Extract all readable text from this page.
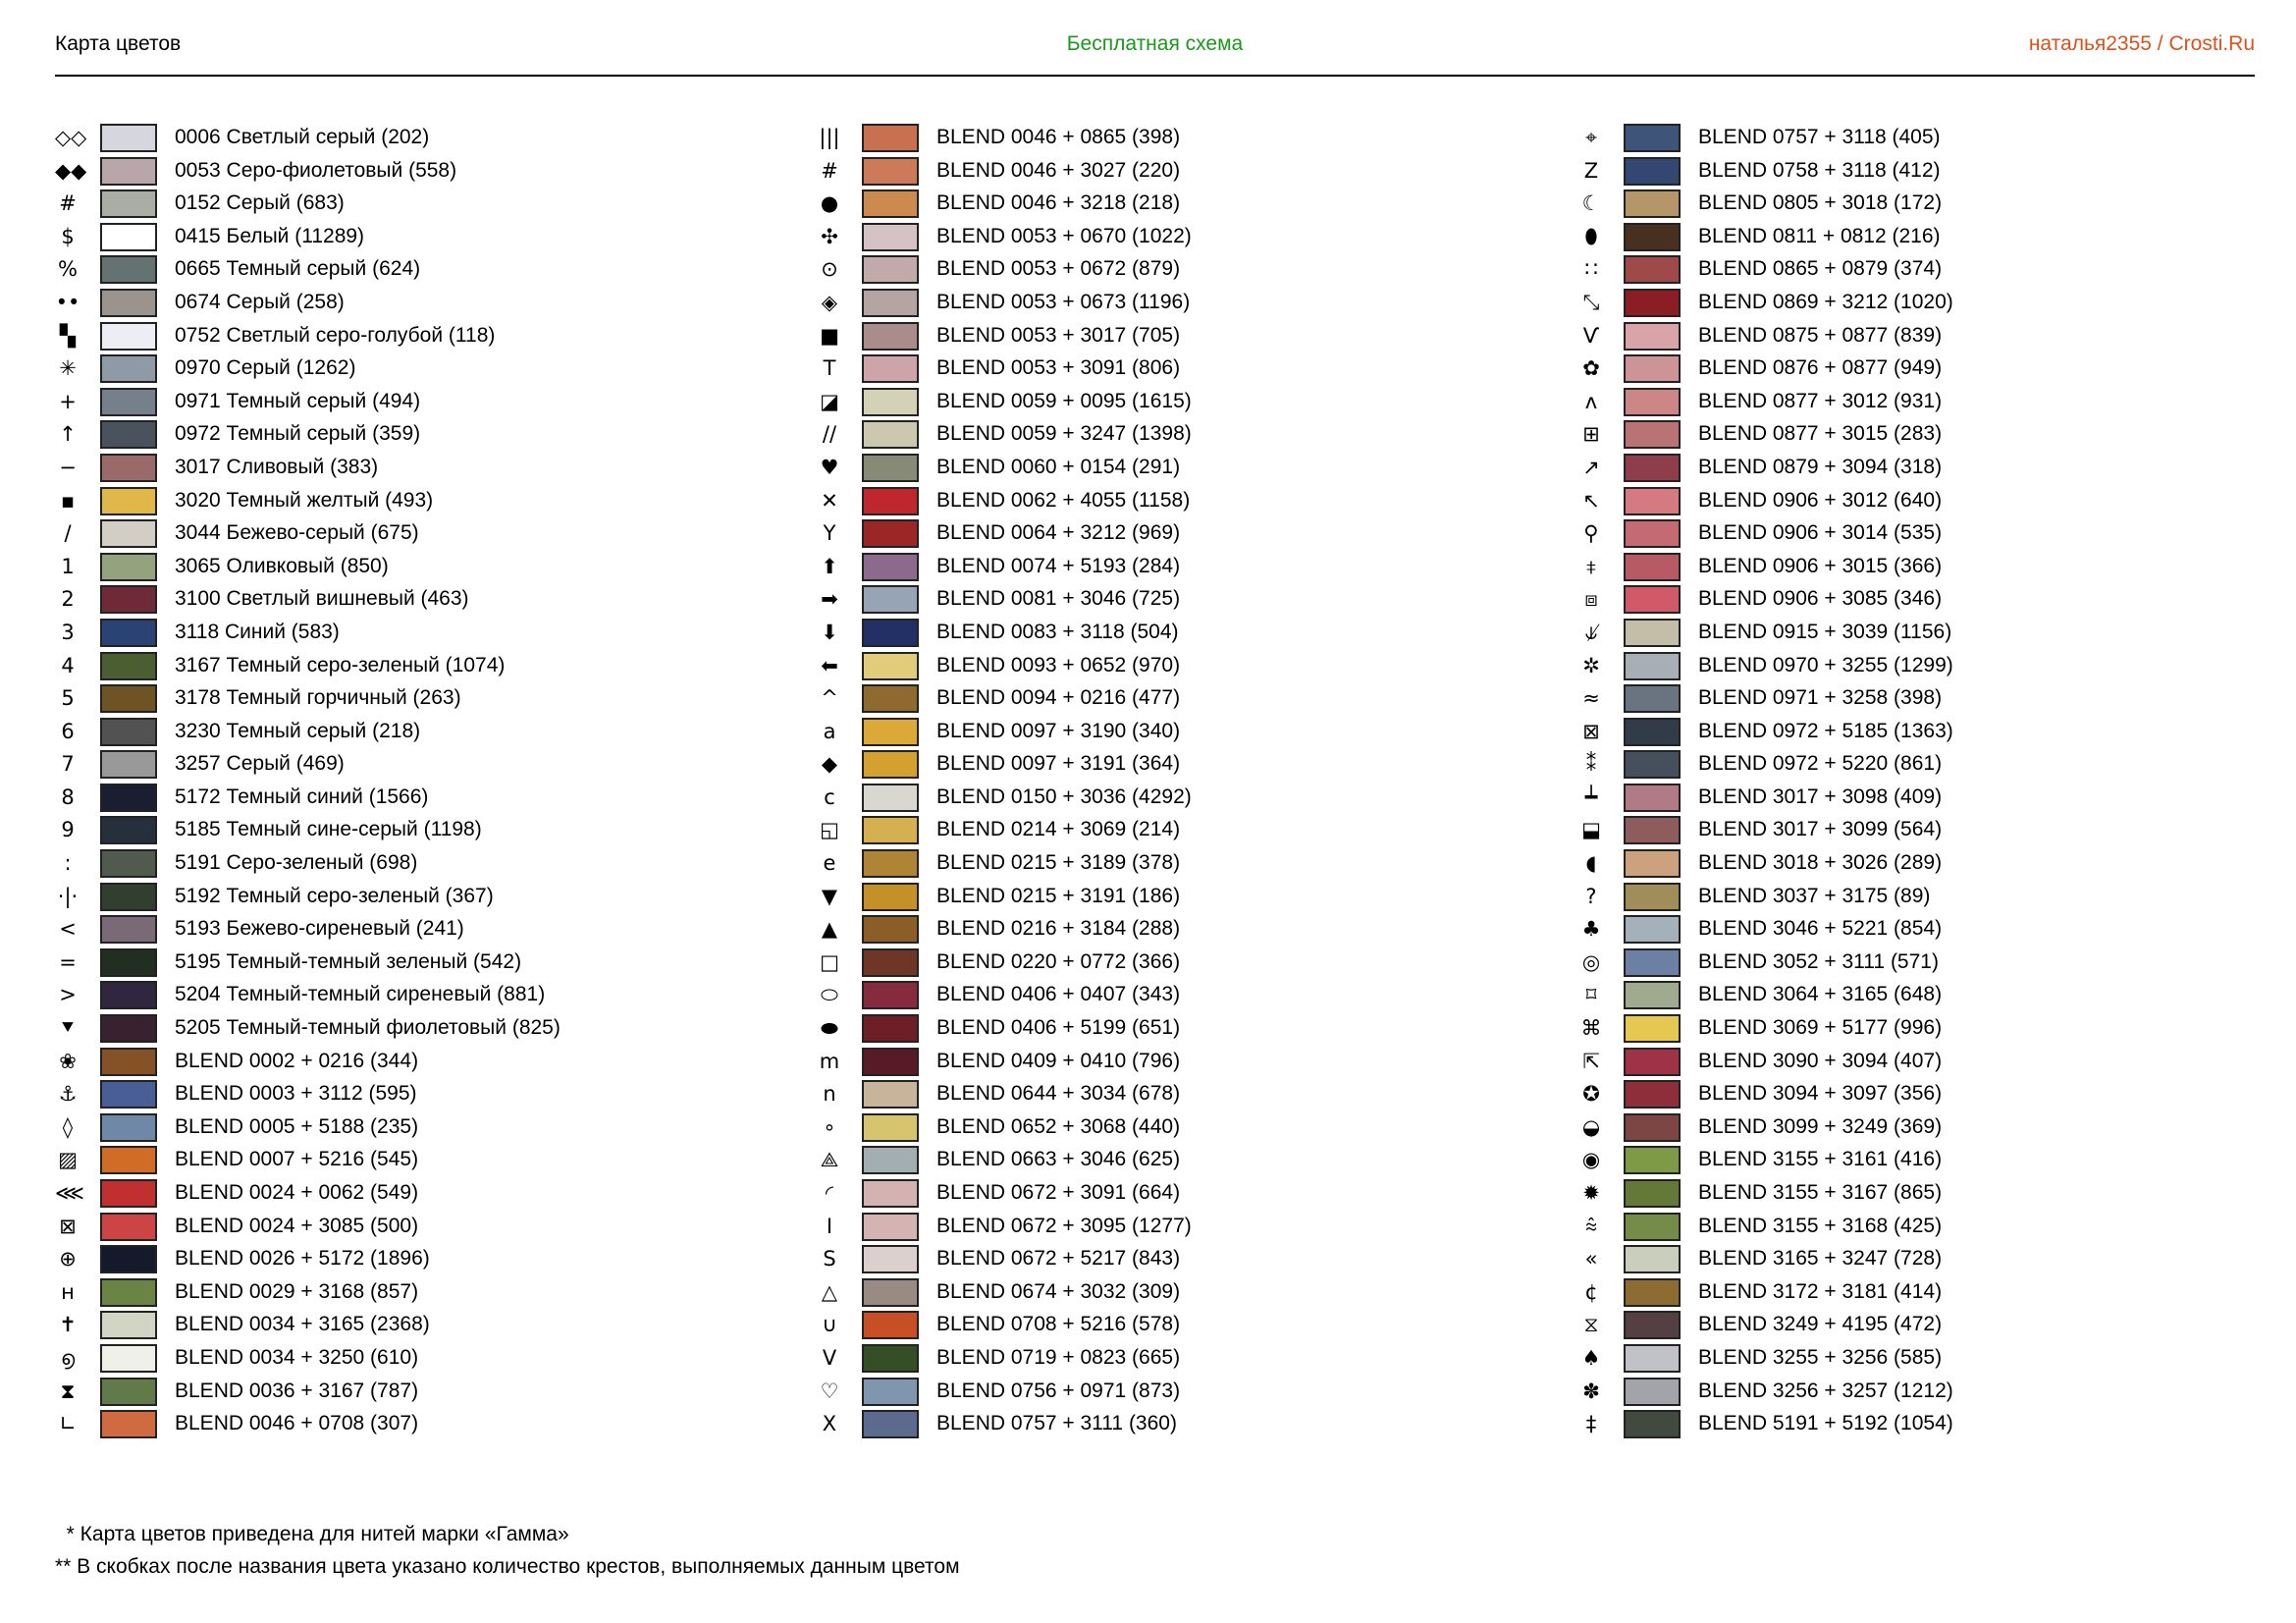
Карта цветов	Бесплатная схема	наталья2355 / Crosti.Ru
◇◇	0006 Светлый серый (202)
◆◆	0053 Серо-фиолетовый (558)
#	0152 Серый (683)
$	0415 Белый (11289)
%	0665 Темный серый (624)
••	0674 Серый (258)
▚	0752 Светлый серо-голубой (118)
✳	0970 Серый (1262)
+	0971 Темный серый (494)
↑	0972 Темный серый (359)
−	3017 Сливовый (383)
▪	3020 Темный желтый (493)
/	3044 Бежево-серый (675)
1	3065 Оливковый (850)
2	3100 Светлый вишневый (463)
3	3118 Синий (583)
4	3167 Темный серо-зеленый (1074)
5	3178 Темный горчичный (263)
6	3230 Темный серый (218)
7	3257 Серый (469)
8	5172 Темный синий (1566)
9	5185 Темный сине-серый (1198)
:	5191 Серо-зеленый (698)
·|·	5192 Темный серо-зеленый (367)
<	5193 Бежево-сиреневый (241)
=	5195 Темный-темный зеленый (542)
>	5204 Темный-темный сиреневый (881)
⯆	5205 Темный-темный фиолетовый (825)
❀	BLEND 0002 + 0216 (344)
⚓	BLEND 0003 + 3112 (595)
◊	BLEND 0005 + 5188 (235)
▨	BLEND 0007 + 5216 (545)
⋘	BLEND 0024 + 0062 (549)
⊠	BLEND 0024 + 3085 (500)
⊕	BLEND 0026 + 5172 (1896)
н	BLEND 0029 + 3168 (857)
✝	BLEND 0034 + 3165 (2368)
൭	BLEND 0034 + 3250 (610)
⧗	BLEND 0036 + 3167 (787)
∟	BLEND 0046 + 0708 (307)
|||	BLEND 0046 + 0865 (398)
#	BLEND 0046 + 3027 (220)
●	BLEND 0046 + 3218 (218)
✣	BLEND 0053 + 0670 (1022)
⊙	BLEND 0053 + 0672 (879)
◈	BLEND 0053 + 0673 (1196)
■	BLEND 0053 + 3017 (705)
T	BLEND 0053 + 3091 (806)
◪	BLEND 0059 + 0095 (1615)
//	BLEND 0059 + 3247 (1398)
♥	BLEND 0060 + 0154 (291)
✕	BLEND 0062 + 4055 (1158)
Y	BLEND 0064 + 3212 (969)
⬆	BLEND 0074 + 5193 (284)
➡	BLEND 0081 + 3046 (725)
⬇	BLEND 0083 + 3118 (504)
⬅	BLEND 0093 + 0652 (970)
^	BLEND 0094 + 0216 (477)
a	BLEND 0097 + 3190 (340)
◆	BLEND 0097 + 3191 (364)
c	BLEND 0150 + 3036 (4292)
◱	BLEND 0214 + 3069 (214)
e	BLEND 0215 + 3189 (378)
▼	BLEND 0215 + 3191 (186)
▲	BLEND 0216 + 3184 (288)
□	BLEND 0220 + 0772 (366)
⬭	BLEND 0406 + 0407 (343)
⬬	BLEND 0406 + 5199 (651)
m	BLEND 0409 + 0410 (796)
n	BLEND 0644 + 3034 (678)
∘	BLEND 0652 + 3068 (440)
⟁	BLEND 0663 + 3046 (625)
◜	BLEND 0672 + 3091 (664)
I	BLEND 0672 + 3095 (1277)
S	BLEND 0672 + 5217 (843)
△	BLEND 0674 + 3032 (309)
∪	BLEND 0708 + 5216 (578)
V	BLEND 0719 + 0823 (665)
♡	BLEND 0756 + 0971 (873)
X	BLEND 0757 + 3111 (360)
⌖	BLEND 0757 + 3118 (405)
Z	BLEND 0758 + 3118 (412)
☾	BLEND 0805 + 3018 (172)
⬮	BLEND 0811 + 0812 (216)
∷	BLEND 0865 + 0879 (374)
⤡	BLEND 0869 + 3212 (1020)
Ѵ	BLEND 0875 + 0877 (839)
✿	BLEND 0876 + 0877 (949)
ʌ	BLEND 0877 + 3012 (931)
⊞	BLEND 0877 + 3015 (283)
↗	BLEND 0879 + 3094 (318)
↖	BLEND 0906 + 3012 (640)
⚲	BLEND 0906 + 3014 (535)
⧧	BLEND 0906 + 3015 (366)
⧈	BLEND 0906 + 3085 (346)
⫝̸	BLEND 0915 + 3039 (1156)
✲	BLEND 0970 + 3255 (1299)
≈	BLEND 0971 + 3258 (398)
⊠	BLEND 0972 + 5185 (1363)
⁑	BLEND 0972 + 5220 (861)
┷	BLEND 3017 + 3098 (409)
⬓	BLEND 3017 + 3099 (564)
◖	BLEND 3018 + 3026 (289)
?	BLEND 3037 + 3175 (89)
♣	BLEND 3046 + 5221 (854)
◎	BLEND 3052 + 3111 (571)
⌑	BLEND 3064 + 3165 (648)
⌘	BLEND 3069 + 5177 (996)
⇱	BLEND 3090 + 3094 (407)
✪	BLEND 3094 + 3097 (356)
◒	BLEND 3099 + 3249 (369)
◉	BLEND 3155 + 3161 (416)
✹	BLEND 3155 + 3167 (865)
⩯	BLEND 3155 + 3168 (425)
«	BLEND 3165 + 3247 (728)
¢	BLEND 3172 + 3181 (414)
⧖	BLEND 3249 + 4195 (472)
♠	BLEND 3255 + 3256 (585)
✽	BLEND 3256 + 3257 (1212)
‡	BLEND 5191 + 5192 (1054)
* Карта цветов приведена для нитей марки «Гамма»
** В скобках после названия цвета указано количество крестов, выполняемых данным цветом
